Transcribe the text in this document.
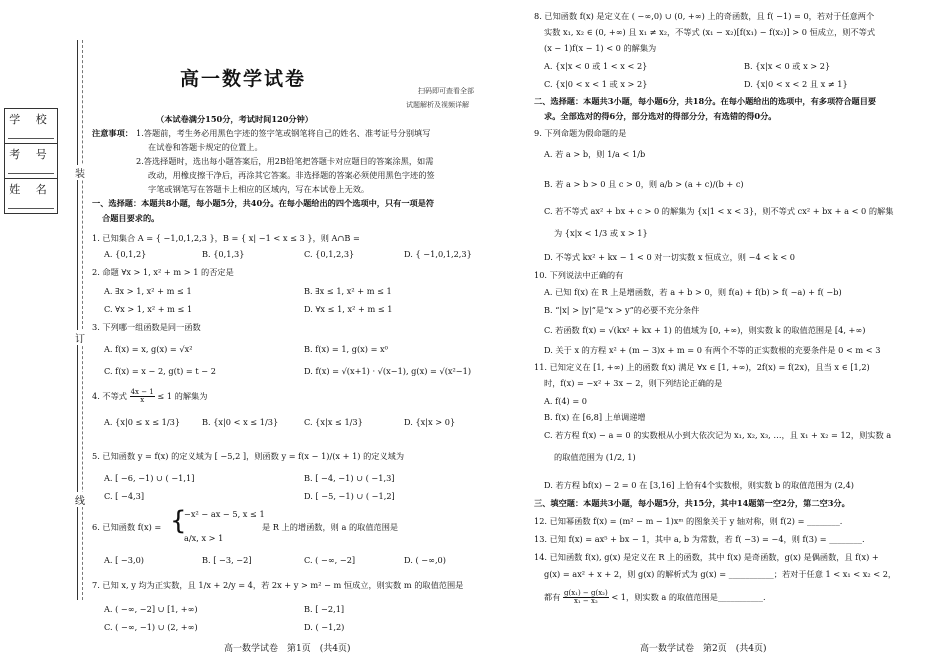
装
订
线
学 校
考 号
姓 名
高一数学试卷
扫码即可查看全部
试题解析及视频详解
（本试卷满分150分，考试时间120分钟）
注意事项： 1.答题前，考生务必用黑色字迹的签字笔或钢笔将自己的姓名、准考证号分别填写
在试卷和答题卡规定的位置上。
2.答选择题时，选出每小题答案后，用2B铅笔把答题卡对应题目的答案涂黑，如需
改动，用橡皮擦干净后，再涂其它答案。非选择题的答案必须使用黑色字迹的签
字笔或钢笔写在答题卡上相应的区域内，写在本试卷上无效。
一、选择题：本题共8小题，每小题5分，共40分。在每小题给出的四个选项中，只有一项是符
合题目要求的。
1. 已知集合 A = { −1,0,1,2,3 }，B = { x| −1 < x ≤ 3 }，则 A∩B =
A. {0,1,2}	B. {0,1,3}	C. {0,1,2,3}	D. { −1,0,1,2,3}
2. 命题 ∀x > 1, x² + m > 1 的否定是
A. ∃x > 1, x² + m ≤ 1	B. ∃x ≤ 1, x² + m ≤ 1
C. ∀x > 1, x² + m ≤ 1	D. ∀x ≤ 1, x² + m ≤ 1
3. 下列哪一组函数是同一函数
A. f(x) = x, g(x) = √x²	B. f(x) = 1, g(x) = x⁰
C. f(x) = x − 2, g(t) = t − 2	D. f(x) = √(x+1) · √(x−1), g(x) = √(x²−1)
4. 不等式 $\frac{4x - 1}{x} \le 1$ 的解集为
A. {x|0 ≤ x ≤ 1/3}	B. {x|0 < x ≤ 1/3}	C. {x|x ≤ 1/3}	D. {x|x > 0}
5. 已知函数 y = f(x) 的定义域为 [ −5,2 ]，则函数 y = f(x − 1)/(x + 1) 的定义域为
A. [ −6, −1) ∪ ( −1,1]	B. [ −4, −1) ∪ ( −1,3]
C. [ −4,3]	D. [ −5, −1) ∪ ( −1,2]
6. 已知函数 f(x) = {
−x² − ax − 5, x ≤ 1
a/x, x > 1
是 R 上的增函数，则 a 的取值范围是
A. [ −3,0)	B. [ −3, −2]	C. ( −∞, −2]	D. ( −∞,0)
7. 已知 x, y 均为正实数，且 1/x + 2/y = 4，若 2x + y > m² − m 恒成立，则实数 m 的取值范围是
A. ( −∞, −2] ∪ [1, +∞)	B. [ −2,1]
C. ( −∞, −1) ∪ (2, +∞)	D. ( −1,2)
8. 已知函数 f(x) 是定义在 ( −∞,0) ∪ (0, +∞) 上的奇函数，且 f( −1) = 0，若对于任意两个
实数 x₁, x₂ ∈ (0, +∞) 且 x₁ ≠ x₂，不等式 (x₁ − x₂)[f(x₁) − f(x₂)] > 0 恒成立，则不等式
(x − 1)f(x − 1) < 0 的解集为
A. {x|x < 0 或 1 < x < 2}	B. {x|x < 0 或 x > 2}
C. {x|0 < x < 1 或 x > 2}	D. {x|0 < x < 2 且 x ≠ 1}
二、选择题：本题共3小题，每小题6分，共18分。在每小题给出的选项中，有多项符合题目要
求。全部选对的得6分，部分选对的得部分分，有选错的得0分。
9. 下列命题为假命题的是
A. 若 a > b，则 1/a < 1/b
B. 若 a > b > 0 且 c > 0，则 a/b > (a + c)/(b + c)
C. 若不等式 ax² + bx + c > 0 的解集为 {x|1 < x < 3}，则不等式 cx² + bx + a < 0 的解集
为 {x|x < 1/3 或 x > 1}
D. 不等式 kx² + kx − 1 < 0 对一切实数 x 恒成立，则 −4 < k < 0
10. 下列说法中正确的有
A. 已知 f(x) 在 R 上是增函数，若 a + b > 0，则 f(a) + f(b) > f( −a) + f( −b)
B. “|x| > |y|”是“x > y”的必要不充分条件
C. 若函数 f(x) = √(kx² + kx + 1) 的值域为 [0, +∞)，则实数 k 的取值范围是 [4, +∞)
D. 关于 x 的方程 x² + (m − 3)x + m = 0 有两个不等的正实数根的充要条件是 0 < m < 3
11. 已知定义在 [1, +∞) 上的函数 f(x) 满足 ∀x ∈ [1, +∞)，2f(x) = f(2x)，且当 x ∈ [1,2)
时，f(x) = −x² + 3x − 2，则下列结论正确的是
A. f(4) = 0
B. f(x) 在 [6,8] 上单调递增
C. 若方程 f(x) − a = 0 的实数根从小到大依次记为 x₁, x₂, x₃, …，且 x₁ + x₂ = 12，则实数 a
的取值范围为 (1/2, 1)
D. 若方程 bf(x) − 2 = 0 在 [3,16] 上恰有4个实数根，则实数 b 的取值范围为 (2,4)
三、填空题：本题共3小题，每小题5分，共15分，其中14题第一空2分，第二空3分。
12. 已知幂函数 f(x) = (m² − m − 1)xᵐ 的图象关于 y 轴对称，则 f(2) = ________.
13. 已知 f(x) = ax⁵ + bx − 1，其中 a, b 为常数，若 f( −3) = −4，则 f(3) = ________.
14. 已知函数 f(x), g(x) 是定义在 R 上的函数，其中 f(x) 是奇函数，g(x) 是偶函数，且 f(x) +
g(x) = ax² + x + 2，则 g(x) 的解析式为 g(x) = ___________；若对于任意 1 < x₁ < x₂ < 2，
都有 $\frac{\text{g(x₁) − g(x₂)}}{\text{x₁ − x₂}} < 1$，则实数 a 的取值范围是___________.
高一数学试卷　第1页　(共4页)	高一数学试卷　第2页　(共4页)
